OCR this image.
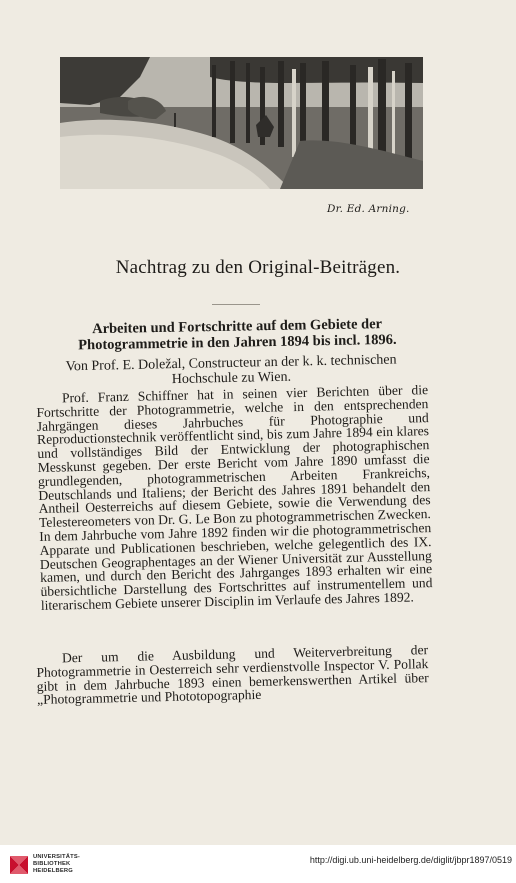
Dr. Ed. Arning.
Nachtrag zu den Original-Beiträgen.
Arbeiten und Fortschritte auf dem Gebiete der Photogrammetrie in den Jahren 1894 bis incl. 1896.
Von Prof. E. Doležal, Constructeur an der k. k. technischen Hochschule zu Wien.

Prof. Franz Schiffner hat in seinen vier Berichten über die Fortschritte der Photogrammetrie, welche in den entsprechenden Jahrgängen dieses Jahrbuches für Photographie und Reproductionstechnik veröffentlicht sind, bis zum Jahre 1894 ein klares und vollständiges Bild der Entwicklung der photographischen Messkunst gegeben. Der erste Bericht vom Jahre 1890 umfasst die grundlegenden, photogrammetrischen Arbeiten Frankreichs, Deutschlands und Italiens; der Bericht des Jahres 1891 behandelt den Antheil Oesterreichs auf diesem Gebiete, sowie die Verwendung des Telestereometers von Dr. G. Le Bon zu photogrammetrischen Zwecken. In dem Jahrbuche vom Jahre 1892 finden wir die photogrammetrischen Apparate und Publicationen beschrieben, welche gelegentlich des IX. Deutschen Geographentages an der Wiener Universität zur Ausstellung kamen, und durch den Bericht des Jahrganges 1893 erhalten wir eine übersichtliche Darstellung des Fortschrittes auf instrumentellem und literarischem Gebiete unserer Disciplin im Verlaufe des Jahres 1892.

Der um die Ausbildung und Weiterverbreitung der Photogrammetrie in Oesterreich sehr verdienstvolle Inspector V. Pollak gibt in dem Jahrbuche 1893 einen bemerkenswerthen Artikel über „Photogrammetrie und Phototopographie

UNIVERSITÄTS-
BIBLIOTHEK
HEIDELBERG
http://digi.ub.uni-heidelberg.de/diglit/jbpr1897/0519
